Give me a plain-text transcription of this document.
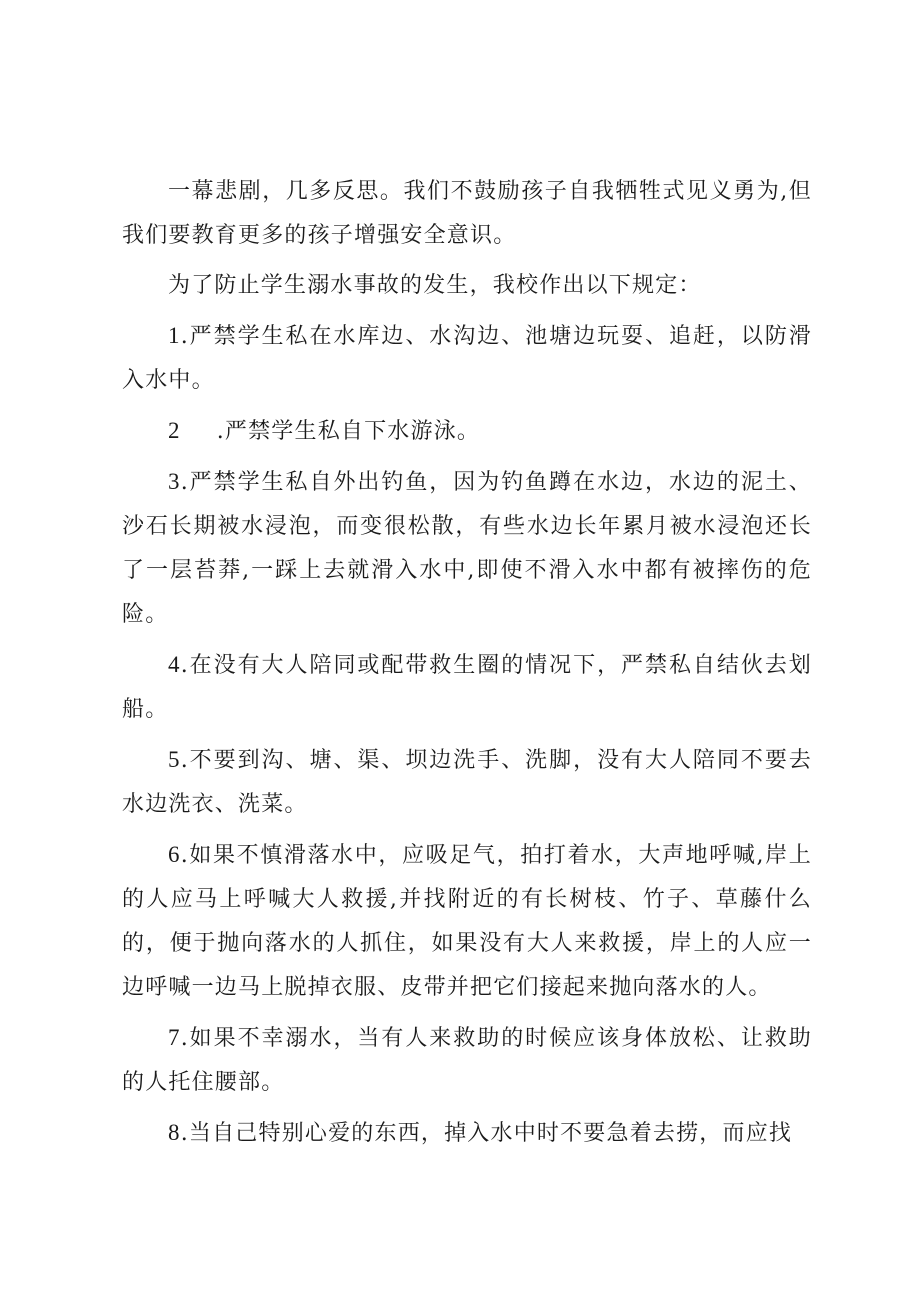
一幕悲剧，几多反思。我们不鼓励孩子自我牺牲式见义勇为,但我们要教育更多的孩子增强安全意识。

为了防止学生溺水事故的发生，我校作出以下规定：

1.严禁学生私在水库边、水沟边、池塘边玩耍、追赶，以防滑入水中。

2 .严禁学生私自下水游泳。

3.严禁学生私自外出钓鱼，因为钓鱼蹲在水边，水边的泥土、沙石长期被水浸泡，而变很松散，有些水边长年累月被水浸泡还长了一层苔莽,一踩上去就滑入水中,即使不滑入水中都有被摔伤的危险。

4.在没有大人陪同或配带救生圈的情况下，严禁私自结伙去划船。

5.不要到沟、塘、渠、坝边洗手、洗脚，没有大人陪同不要去水边洗衣、洗菜。

6.如果不慎滑落水中，应吸足气，拍打着水，大声地呼喊,岸上的人应马上呼喊大人救援,并找附近的有长树枝、竹子、草藤什么的，便于抛向落水的人抓住，如果没有大人来救援，岸上的人应一边呼喊一边马上脱掉衣服、皮带并把它们接起来抛向落水的人。

7.如果不幸溺水，当有人来救助的时候应该身体放松、让救助的人托住腰部。

8.当自己特别心爱的东西，掉入水中时不要急着去捞，而应找
